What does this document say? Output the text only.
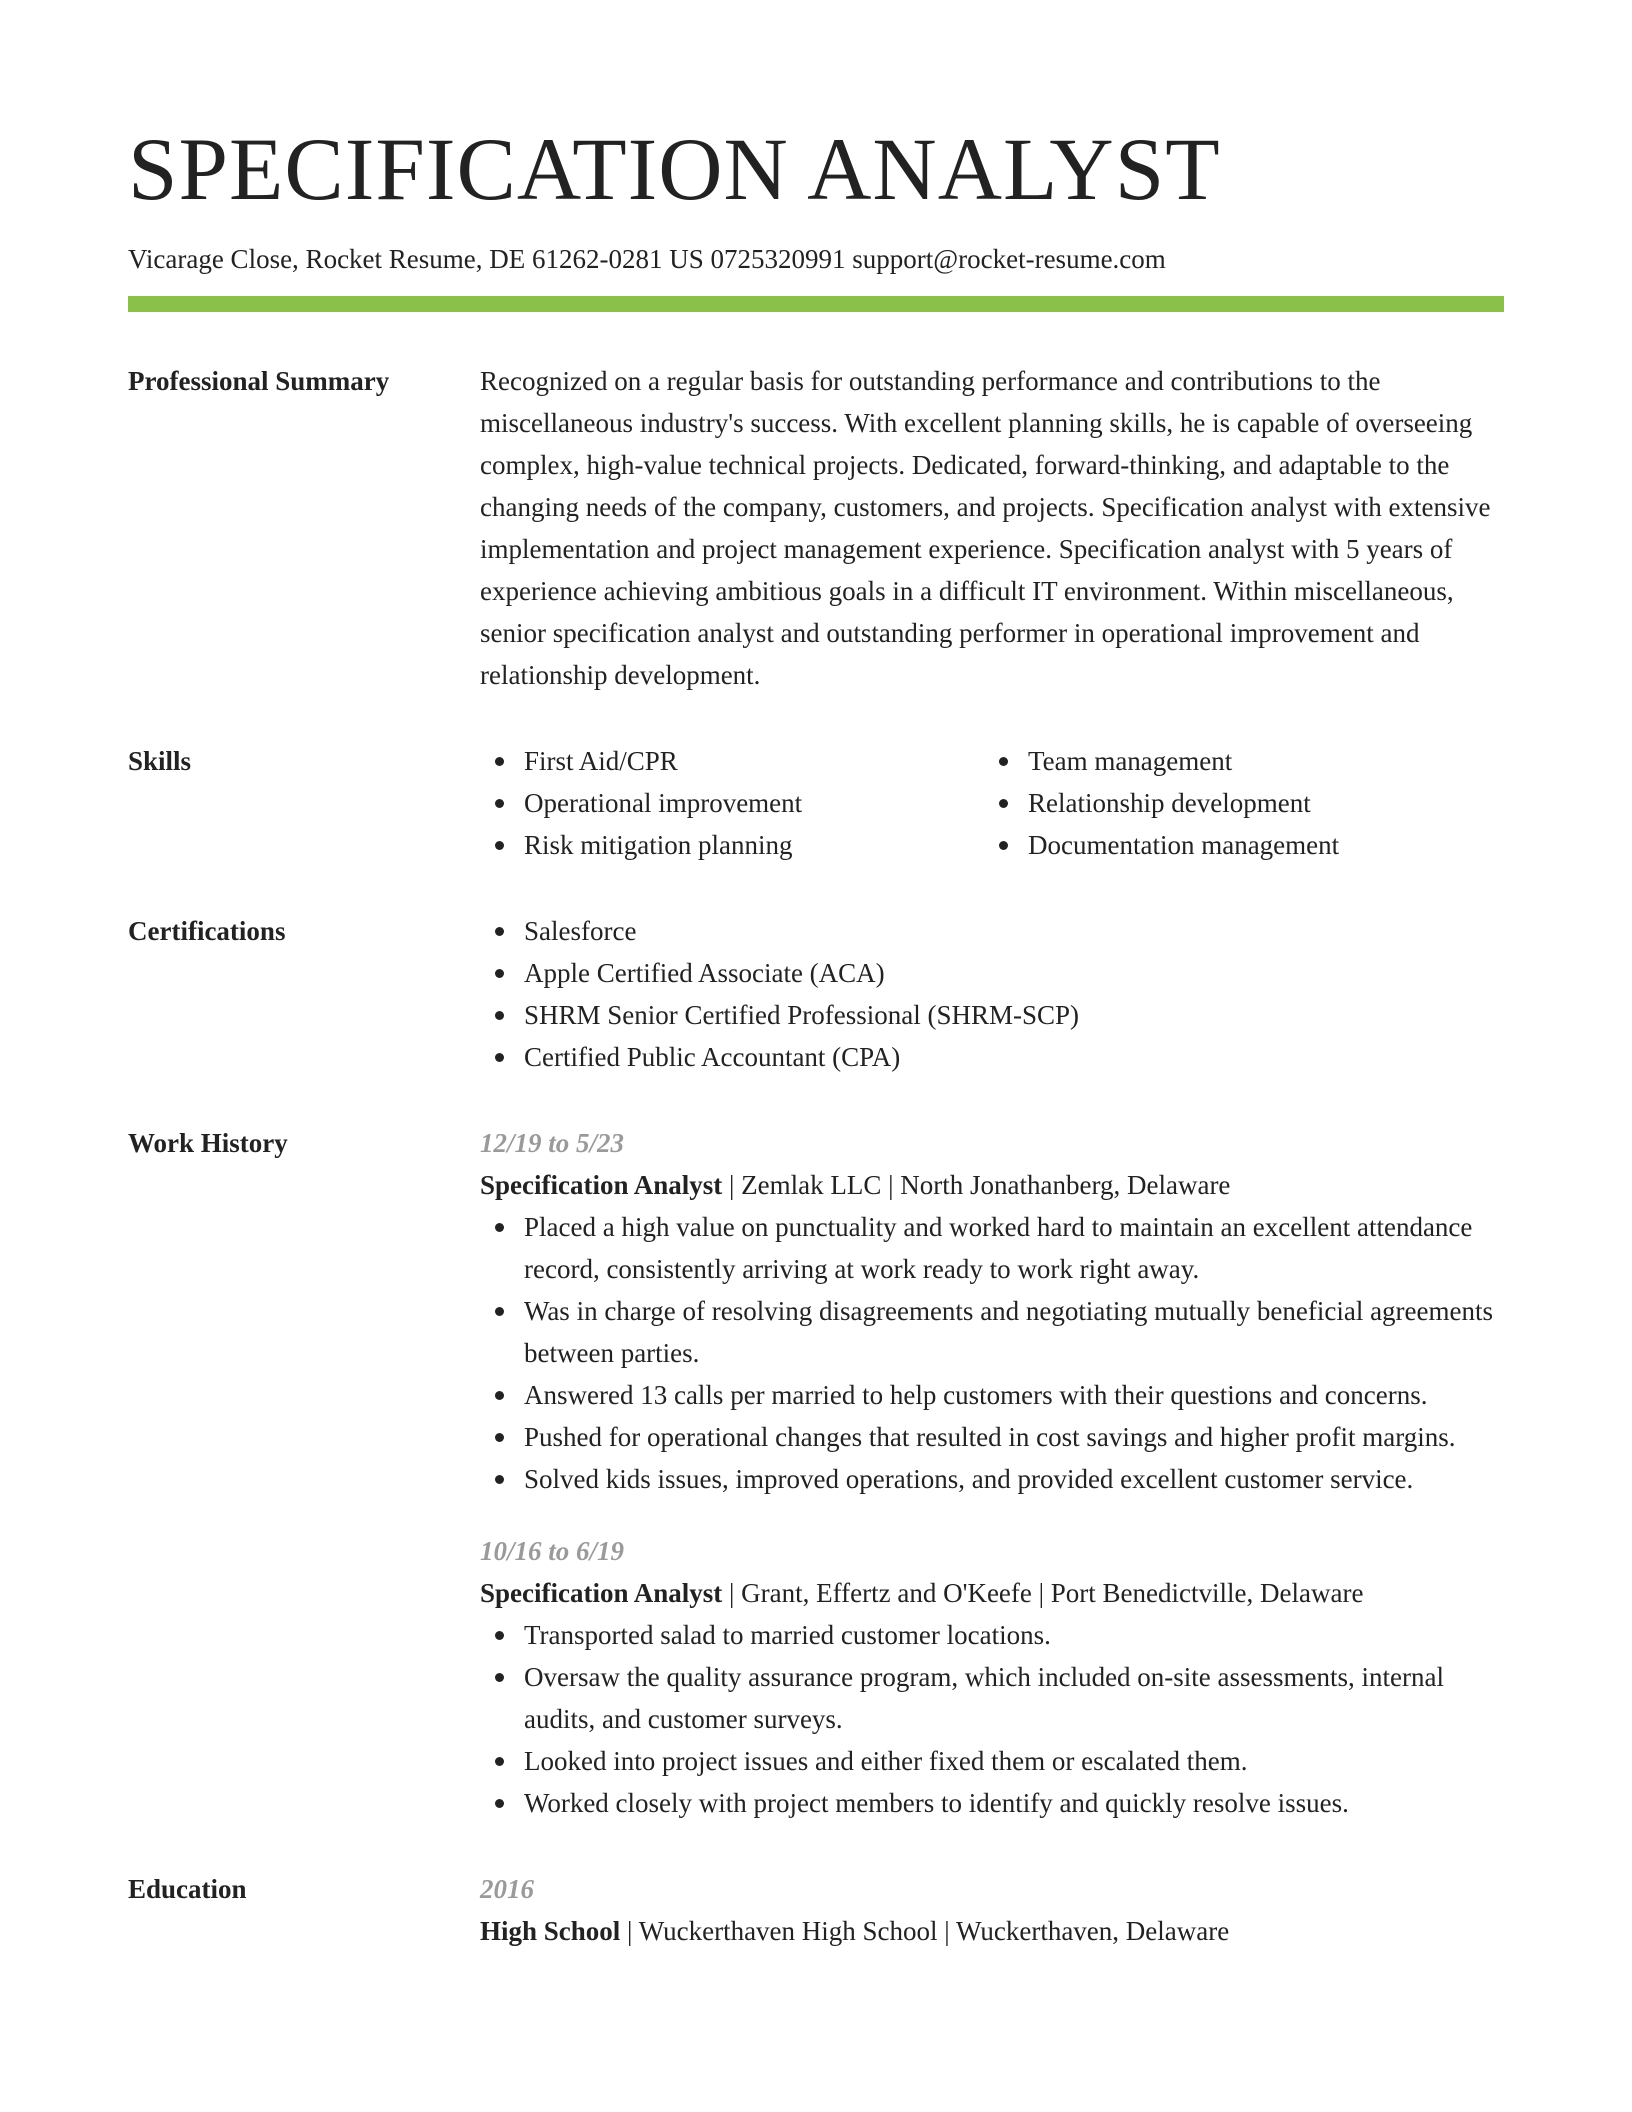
SPECIFICATION ANALYST
Vicarage Close, Rocket Resume, DE 61262-0281 US 0725320991 support@rocket-resume.com
Professional Summary	Recognized on a regular basis for outstanding performance and contributions to the miscellaneous industry's success. With excellent planning skills, he is capable of overseeing complex, high-value technical projects. Dedicated, forward-thinking, and adaptable to the changing needs of the company, customers, and projects. Specification analyst with extensive implementation and project management experience. Specification analyst with 5 years of experience achieving ambitious goals in a difficult IT environment. Within miscellaneous, senior specification analyst and outstanding performer in operational improvement and relationship development.

Skills	First Aid/CPR
Operational improvement
Risk mitigation planning
Team management
Relationship development
Documentation management
Certifications	Salesforce
Apple Certified Associate (ACA)
SHRM Senior Certified Professional (SHRM-SCP)
Certified Public Accountant (CPA)
Work History	12/19 to 5/23
Specification Analyst | Zemlak LLC | North Jonathanberg, Delaware
Placed a high value on punctuality and worked hard to maintain an excellent attendance record, consistently arriving at work ready to work right away.
Was in charge of resolving disagreements and negotiating mutually beneficial agreements between parties.
Answered 13 calls per married to help customers with their questions and concerns.
Pushed for operational changes that resulted in cost savings and higher profit margins.
Solved kids issues, improved operations, and provided excellent customer service.
10/16 to 6/19
Specification Analyst | Grant, Effertz and O'Keefe | Port Benedictville, Delaware
Transported salad to married customer locations.
Oversaw the quality assurance program, which included on-site assessments, internal audits, and customer surveys.
Looked into project issues and either fixed them or escalated them.
Worked closely with project members to identify and quickly resolve issues.
Education	2016
High School | Wuckerthaven High School | Wuckerthaven, Delaware
